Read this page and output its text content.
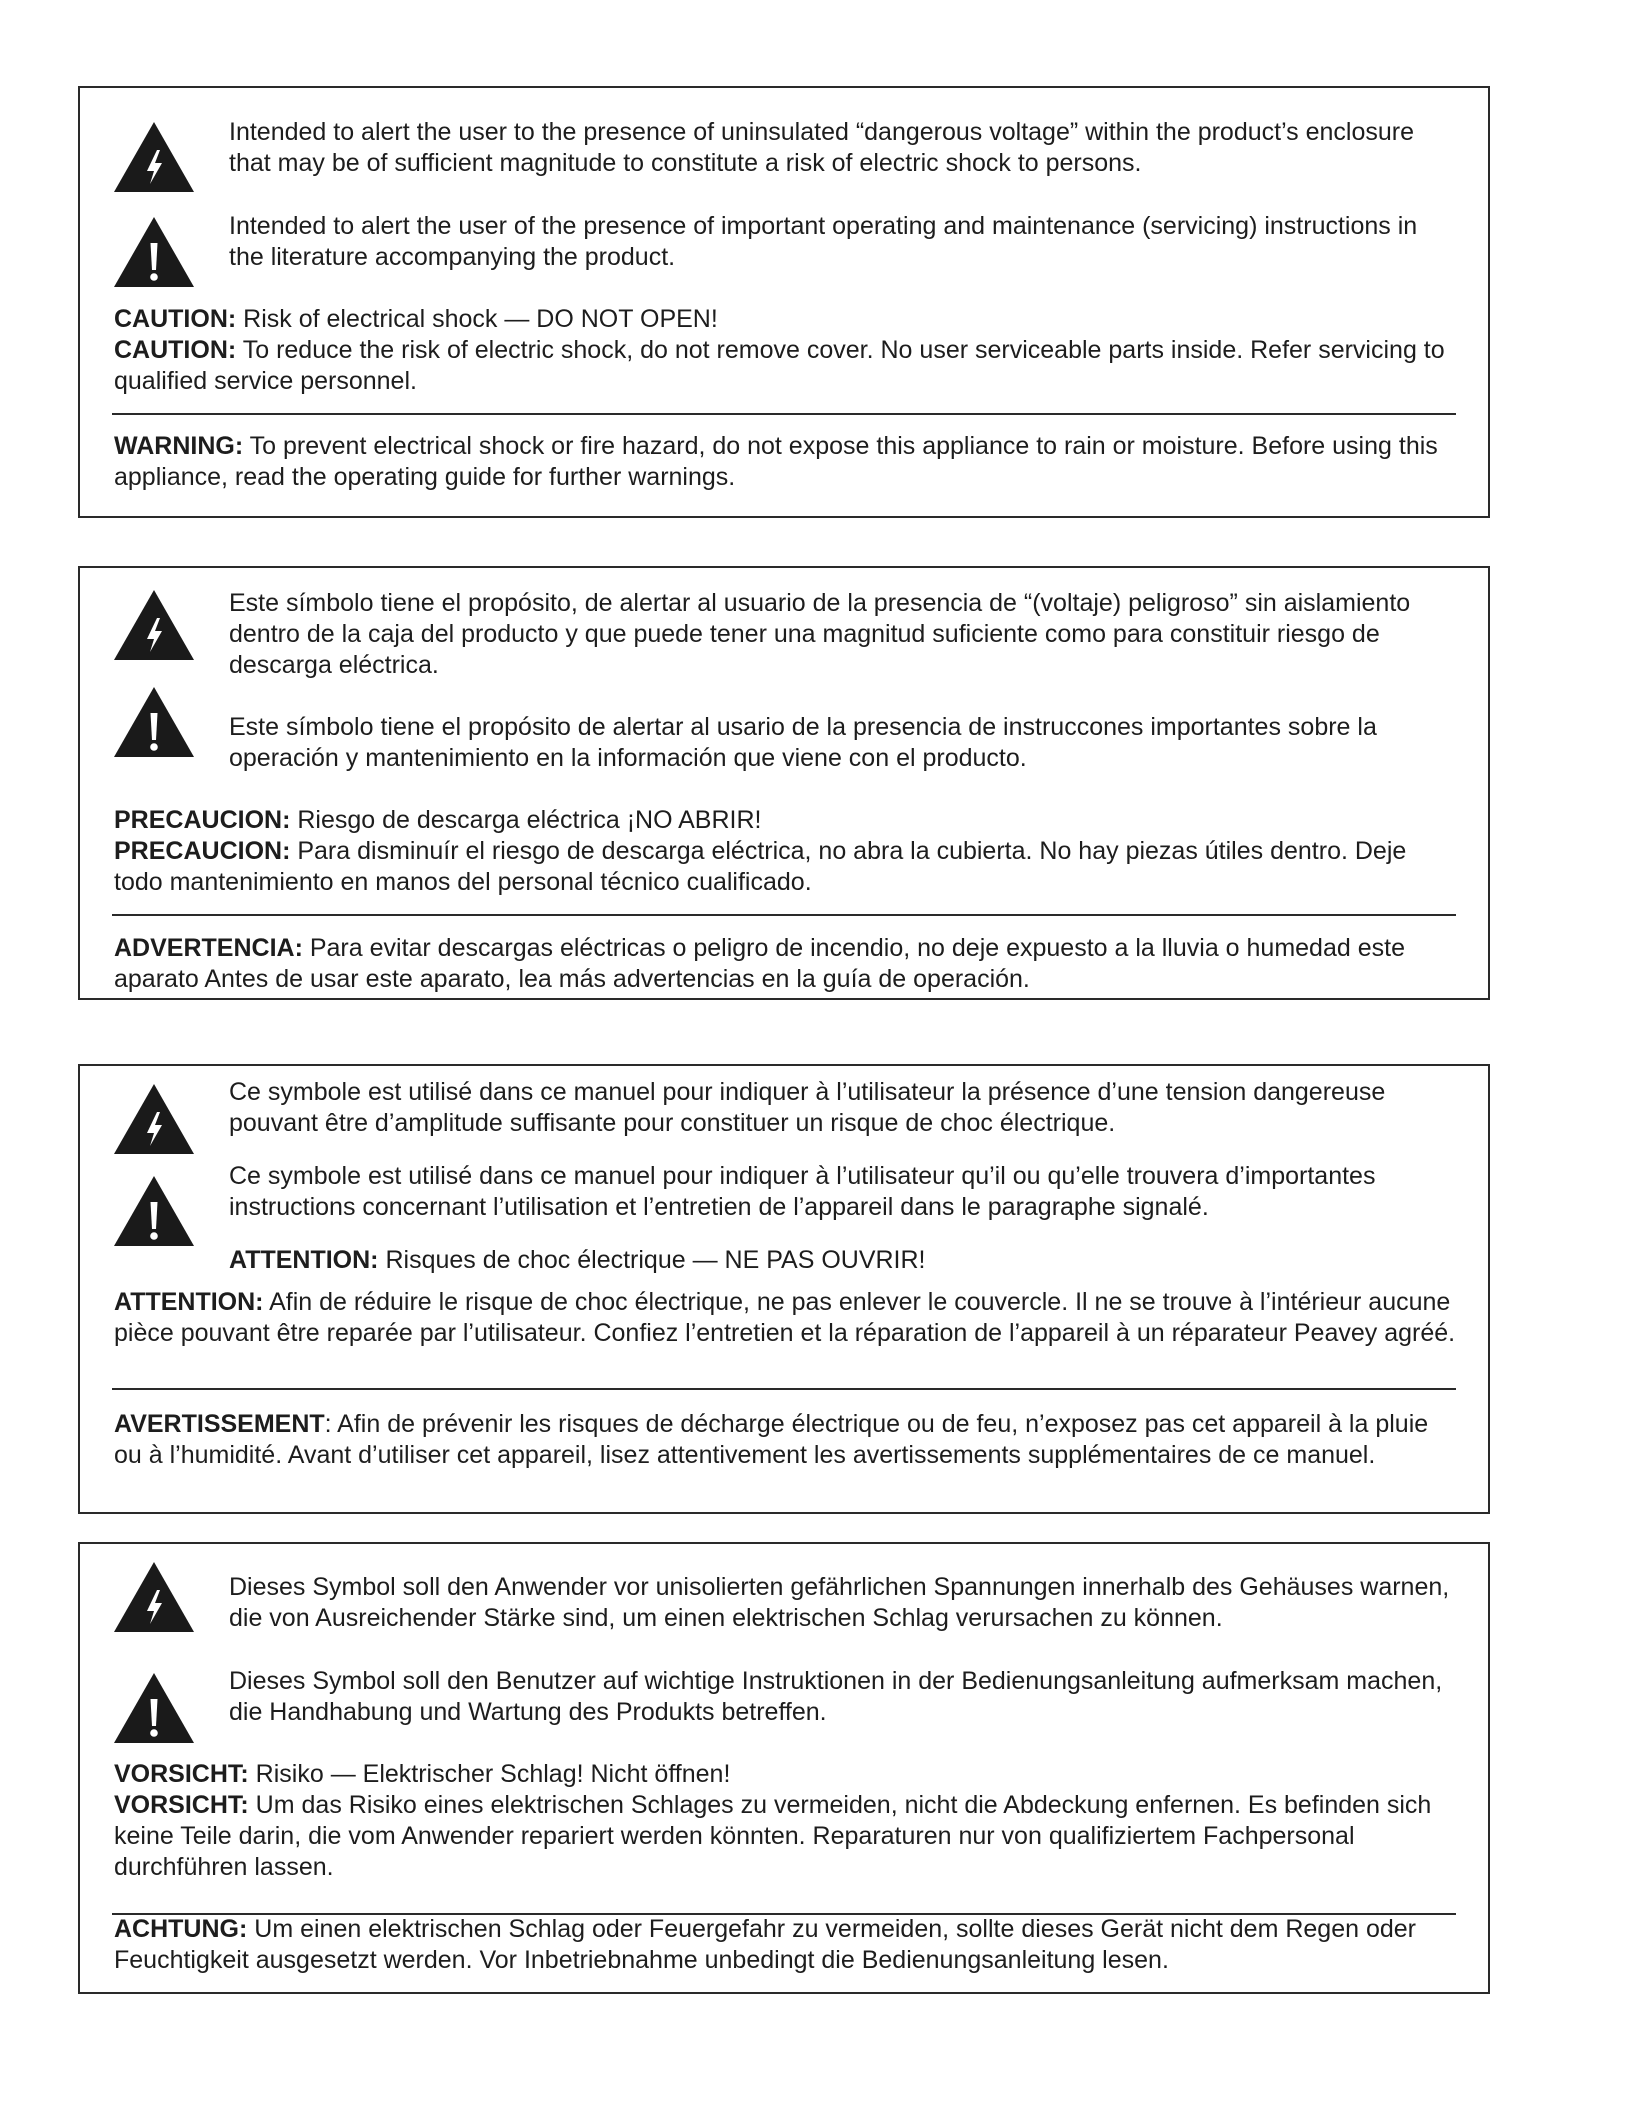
Intended to alert the user to the presence of uninsulated “dangerous voltage” within the product’s enclosure that may be of sufficient magnitude to constitute a risk of electric shock to persons.

Intended to alert the user of the presence of important operating and maintenance (servicing) instructions in the literature accompanying the product.

CAUTION: Risk of electrical shock — DO NOT OPEN!
CAUTION: To reduce the risk of electric shock, do not remove cover. No user serviceable parts inside. Refer servicing to qualified service personnel.

WARNING: To prevent electrical shock or fire hazard, do not expose this appliance to rain or moisture. Before using this appliance, read the operating guide for further warnings.

Este símbolo tiene el propósito, de alertar al usuario de la presencia de “(voltaje) peligroso” sin aislamiento dentro de la caja del producto y que puede tener una magnitud suficiente como para constituir riesgo de descarga eléctrica.

Este símbolo tiene el propósito de alertar al usario de la presencia de instruccones importantes sobre la operación y mantenimiento en la información que viene con el producto.

PRECAUCION: Riesgo de descarga eléctrica ¡NO ABRIR!
PRECAUCION: Para disminuír el riesgo de descarga eléctrica, no abra la cubierta. No hay piezas útiles dentro. Deje todo mantenimiento en manos del personal técnico cualificado.

ADVERTENCIA: Para evitar descargas eléctricas o peligro de incendio, no deje expuesto a la lluvia o humedad este aparato Antes de usar este aparato, lea más advertencias en la guía de operación.

Ce symbole est utilisé dans ce manuel pour indiquer à l’utilisateur la présence d’une tension dangereuse pouvant être d’amplitude suffisante pour constituer un risque de choc électrique.

Ce symbole est utilisé dans ce manuel pour indiquer à l’utilisateur qu’il ou qu’elle trouvera d’importantes instructions concernant l’utilisation et l’entretien de l’appareil dans le paragraphe signalé.

ATTENTION: Risques de choc électrique — NE PAS OUVRIR!

ATTENTION: Afin de réduire le risque de choc électrique, ne pas enlever le couvercle. Il ne se trouve à l’intérieur aucune pièce pouvant être reparée par l’utilisateur. Confiez l’entretien et la réparation de l’appareil à un réparateur Peavey agréé.

AVERTISSEMENT: Afin de prévenir les risques de décharge électrique ou de feu, n’exposez pas cet appareil à la pluie ou à l’humidité. Avant d’utiliser cet appareil, lisez attentivement les avertissements supplémentaires de ce manuel.

Dieses Symbol soll den Anwender vor unisolierten gefährlichen Spannungen innerhalb des Gehäuses warnen, die von Ausreichender Stärke sind, um einen elektrischen Schlag verursachen zu können.

Dieses Symbol soll den Benutzer auf wichtige Instruktionen in der Bedienungsanleitung aufmerksam machen, die Handhabung und Wartung des Produkts betreffen.

VORSICHT: Risiko — Elektrischer Schlag! Nicht öffnen!
VORSICHT: Um das Risiko eines elektrischen Schlages zu vermeiden, nicht die Abdeckung enfernen. Es befinden sich keine Teile darin, die vom Anwender repariert werden könnten. Reparaturen nur von qualifiziertem Fachpersonal durchführen lassen.

ACHTUNG: Um einen elektrischen Schlag oder Feuergefahr zu vermeiden, sollte dieses Gerät nicht dem Regen oder Feuchtigkeit ausgesetzt werden. Vor Inbetriebnahme unbedingt die Bedienungsanleitung lesen.
